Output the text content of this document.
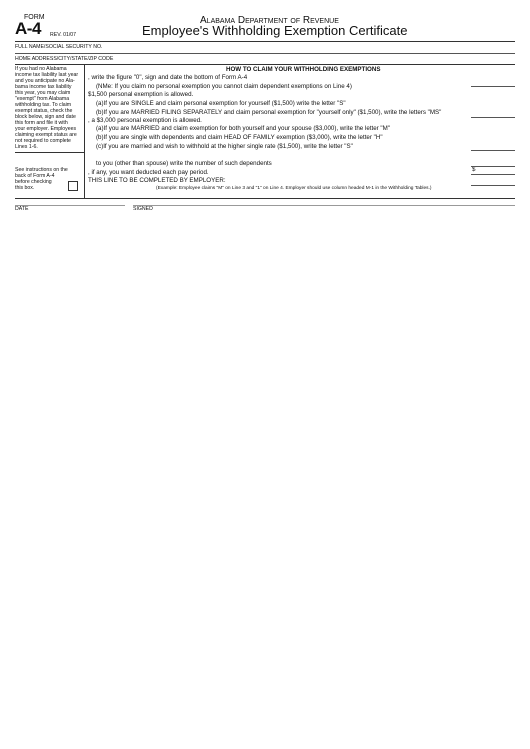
FORM
A-4 REV. 01/07
Alabama Department of Revenue
Employee's Withholding Exemption Certificate
FULL NAME/SOCIAL SECURITY NO.
HOME ADDRESS/CITY/STATE/ZIP CODE
If you had no Alabama
income tax liability last year
and you anticipate no Ala-
bama income tax liability
this year, you may claim
"exempt" from Alabama
withholding tax. To claim
exempt status, check the
block below, sign and date
this form and file it with
your employer. Employees
claiming exempt status are
not required to complete
Lines 1-6.
See instructions on the
back of Form A-4
before checking
this box.
HOW TO CLAIM YOUR WITHHOLDING EXEMPTIONS
, write the figure "0", sign and date the bottom of Form A-4
(NMe: If you claim no personal exemption you cannot claim dependent exemptions on Line 4)
$1,500 personal exemption is allowed.
(a)If you are SINGLE and claim personal exemption for yourself ($1,500) write the letter "S"
(b)If you are MARRIED FILING SEPARATELY and claim personal exemption for "yourself only" ($1,500), write the letters "MS"
, a $3,000 personal exemption is allowed.
(a)If you are MARRIED and claim exemption for both yourself and your spouse ($3,000), write the letter "M"
(b)If you are single with dependents and claim HEAD OF FAMILY exemption ($3,000), write the letter "H"
(c)If you are married and wish to withhold at the higher single rate ($1,500), write the letter "S"
to you (other than spouse) write the number of such dependents
, if any, you want deducted each pay period.	$
THIS LINE TO BE COMPLETED BY EMPLOYER:
(Example: Employee claims "M" on Line 3 and "1" on Line 4. Employer should use column headed M-1 in the Withholding Tables.)
DATE	SIGNED
